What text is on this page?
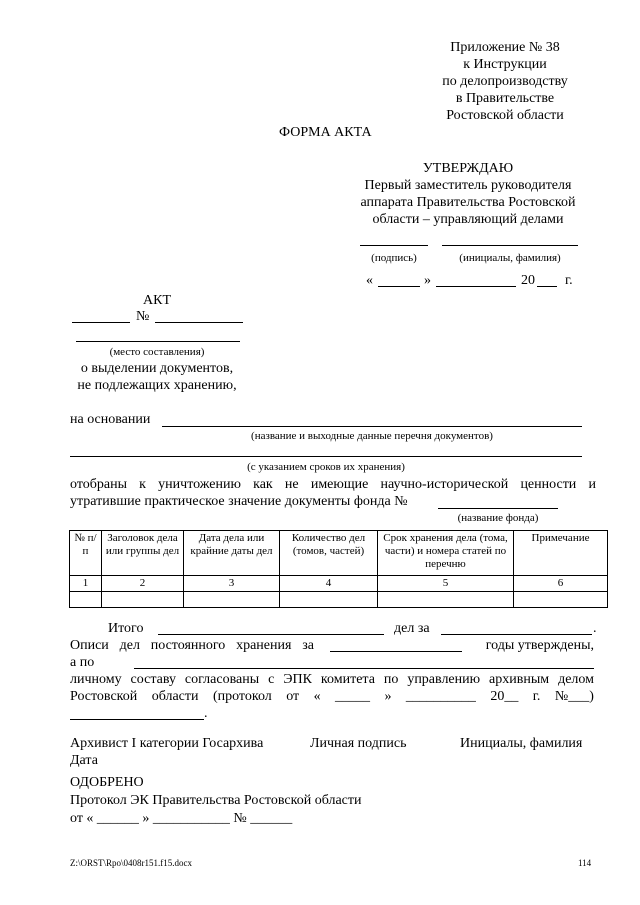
Приложение № 38
к Инструкции
по делопроизводству
в Правительстве
Ростовской области
ФОРМА АКТА
УТВЕРЖДАЮ
Первый заместитель руководителя
аппарата Правительства Ростовской
области – управляющий делами
(подпись)	(инициалы, фамилия)
«	»	20 г.
АКТ
№
(место составления)
о выделении документов,
не подлежащих хранению,
на основании
(название и выходные данные перечня документов)
(с указанием сроков их хранения)
отобраны к уничтожению как не имеющие научно-исторической ценности и
утратившие практическое значение документы фонда №
(название фонда)
№ п/п	Заголовок дела или группы дел	Дата дела или крайние даты дел	Количество дел (томов, частей)	Срок хранения дела (тома, части) и номера статей по перечню	Примечание
1	2	3	4	5	6

Итого	дел за	.
Описи дел постоянного хранения за	годы утверждены,
а по
личному составу согласованы с ЭПК комитета по управлению архивным делом
Ростовской области (протокол от « _____ » __________ 20__ г. №___)
.
Архивист I категории Госархива	Личная подпись	Инициалы, фамилия
Дата
ОДОБРЕНО
Протокол ЭК Правительства Ростовской области
от « ______ » ___________ № ______
Z:\ORST\Rpo\0408r151.f15.docx	114
